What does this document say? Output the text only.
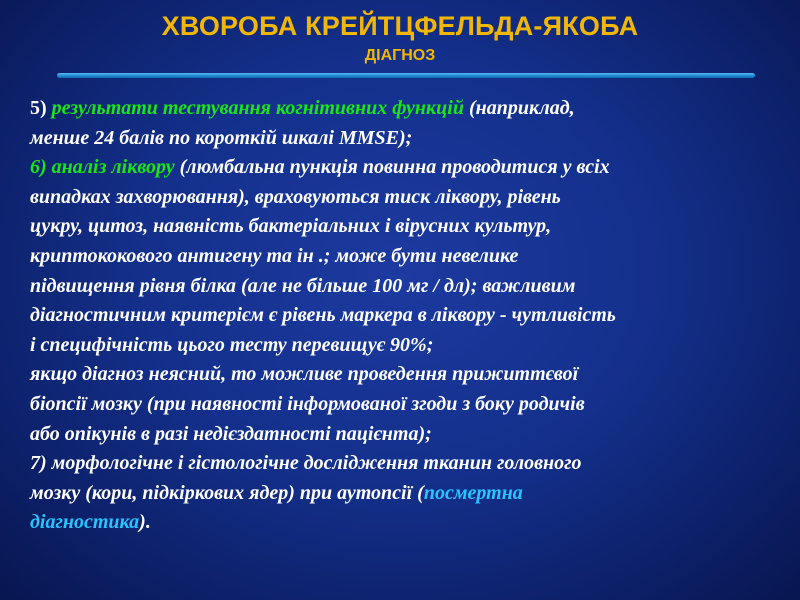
ХВОРОБА КРЕЙТЦФЕЛЬДА-ЯКОБА
ДІАГНОЗ
5) результати тестування когнітивних функцій (наприклад,
менше 24 балів по короткій шкалі MMSE);
6) аналіз ліквору (люмбальна пункція повинна проводитися у всіх
випадках захворювання), враховуються тиск ліквору, рівень
цукру, цитоз, наявність бактеріальних і вірусних культур,
криптококового антигену та ін .; може бути невелике
підвищення рівня білка (але не більше 100 мг / дл); важливим
діагностичним критерієм є рівень маркера в ліквору - чутливість
і специфічність цього тесту перевищує 90%;
якщо діагноз неясний, то можливе проведення прижиттєвої
біопсії мозку (при наявності інформованої згоди з боку родичів
або опікунів в разі недієздатності пацієнта);
7) морфологічне і гістологічне дослідження тканин головного
мозку (кори, підкіркових ядер) при аутопсії (посмертна
діагностика).
